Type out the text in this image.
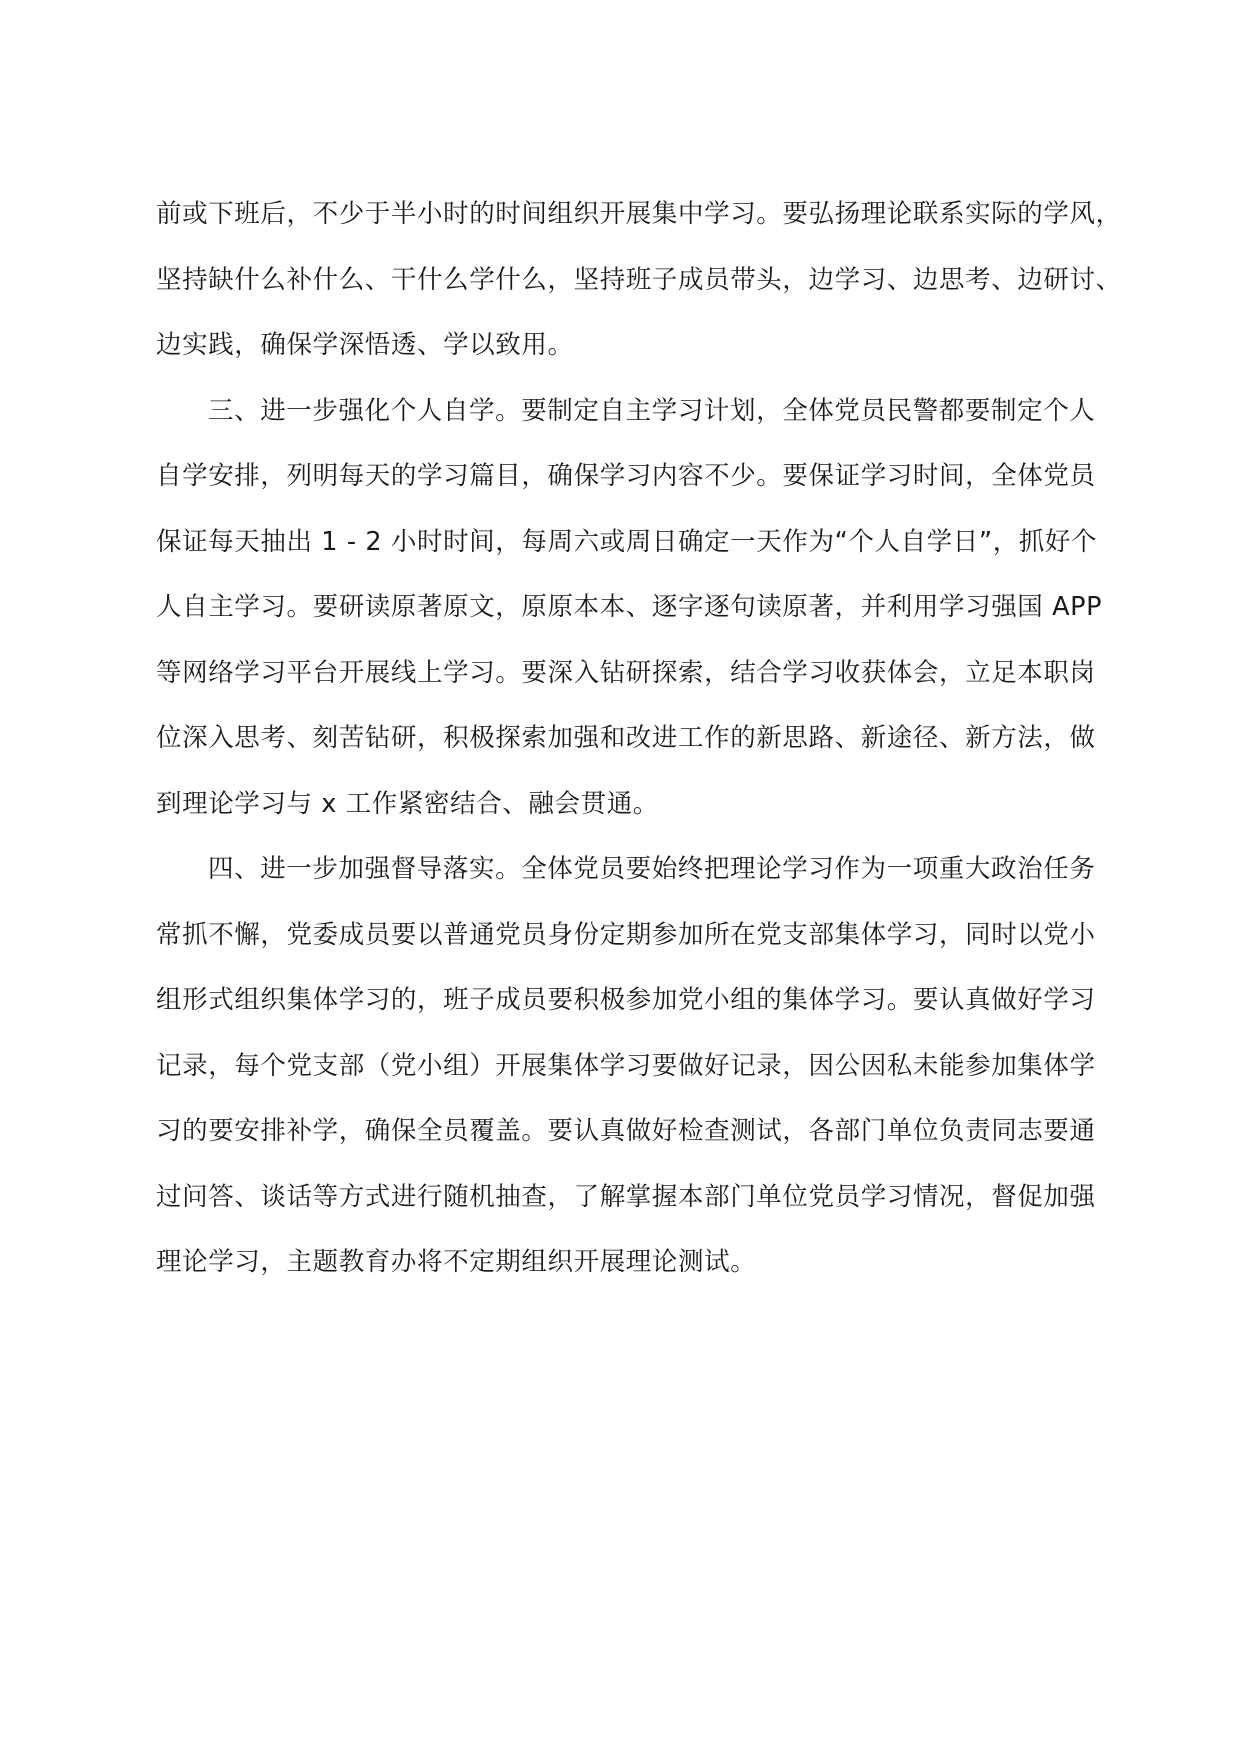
前或下班后，不少于半小时的时间组织开展集中学习。要弘扬理论联系实际的学风，
坚持缺什么补什么、干什么学什么，坚持班子成员带头，边学习、边思考、边研讨、
边实践，确保学深悟透、学以致用。

三、进一步强化个人自学。要制定自主学习计划，全体党员民警都要制定个人
自学安排，列明每天的学习篇目，确保学习内容不少。要保证学习时间，全体党员
保证每天抽出 1 - 2 小时时间，每周六或周日确定一天作为“个人自学日”，抓好个
人自主学习。要研读原著原文，原原本本、逐字逐句读原著，并利用学习强国 APP
等网络学习平台开展线上学习。要深入钻研探索，结合学习收获体会，立足本职岗
位深入思考、刻苦钻研，积极探索加强和改进工作的新思路、新途径、新方法，做
到理论学习与 x 工作紧密结合、融会贯通。

四、进一步加强督导落实。全体党员要始终把理论学习作为一项重大政治任务
常抓不懈，党委成员要以普通党员身份定期参加所在党支部集体学习，同时以党小
组形式组织集体学习的，班子成员要积极参加党小组的集体学习。要认真做好学习
记录，每个党支部（党小组）开展集体学习要做好记录，因公因私未能参加集体学
习的要安排补学，确保全员覆盖。要认真做好检查测试，各部门单位负责同志要通
过问答、谈话等方式进行随机抽查，了解掌握本部门单位党员学习情况，督促加强
理论学习，主题教育办将不定期组织开展理论测试。
